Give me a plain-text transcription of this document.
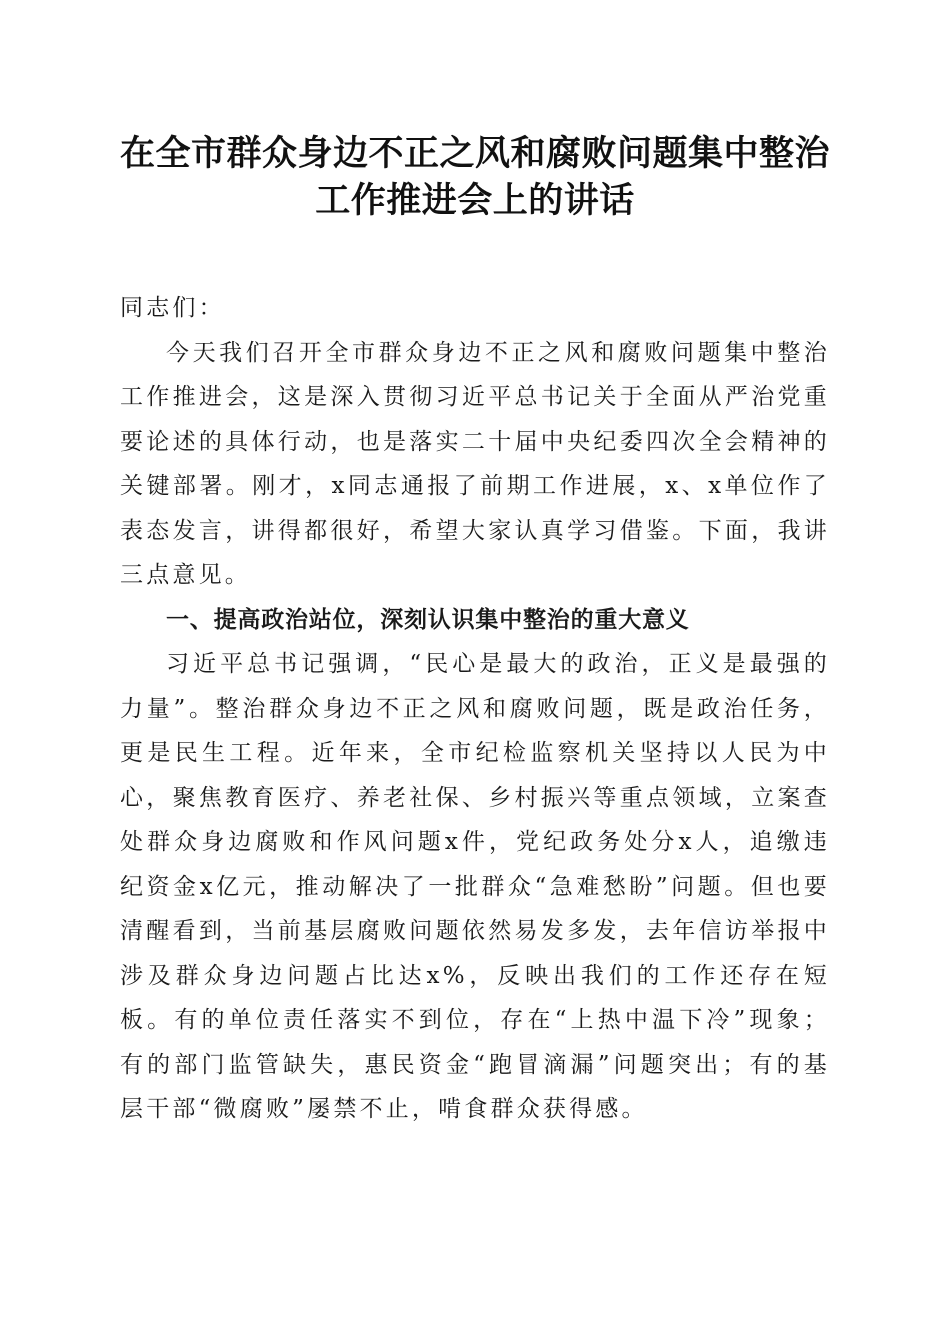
在全市群众身边不正之风和腐败问题集中整治
工作推进会上的讲话

同志们：

今天我们召开全市群众身边不正之风和腐败问题集中整治工作推进会，这是深入贯彻习近平总书记关于全面从严治党重要论述的具体行动，也是落实二十届中央纪委四次全会精神的关键部署。刚才，x同志通报了前期工作进展，x、x单位作了表态发言，讲得都很好，希望大家认真学习借鉴。下面，我讲三点意见。

一、提高政治站位，深刻认识集中整治的重大意义

习近平总书记强调，“民心是最大的政治，正义是最强的力量”。整治群众身边不正之风和腐败问题，既是政治任务，更是民生工程。近年来，全市纪检监察机关坚持以人民为中心，聚焦教育医疗、养老社保、乡村振兴等重点领域，立案查处群众身边腐败和作风问题x件，党纪政务处分x人，追缴违纪资金x亿元，推动解决了一批群众“急难愁盼”问题。但也要清醒看到，当前基层腐败问题依然易发多发，去年信访举报中涉及群众身边问题占比达x%，反映出我们的工作还存在短板。有的单位责任落实不到位，存在“上热中温下冷”现象；有的部门监管缺失，惠民资金“跑冒滴漏”问题突出；有的基层干部“微腐败”屡禁不止，啃食群众获得感。
